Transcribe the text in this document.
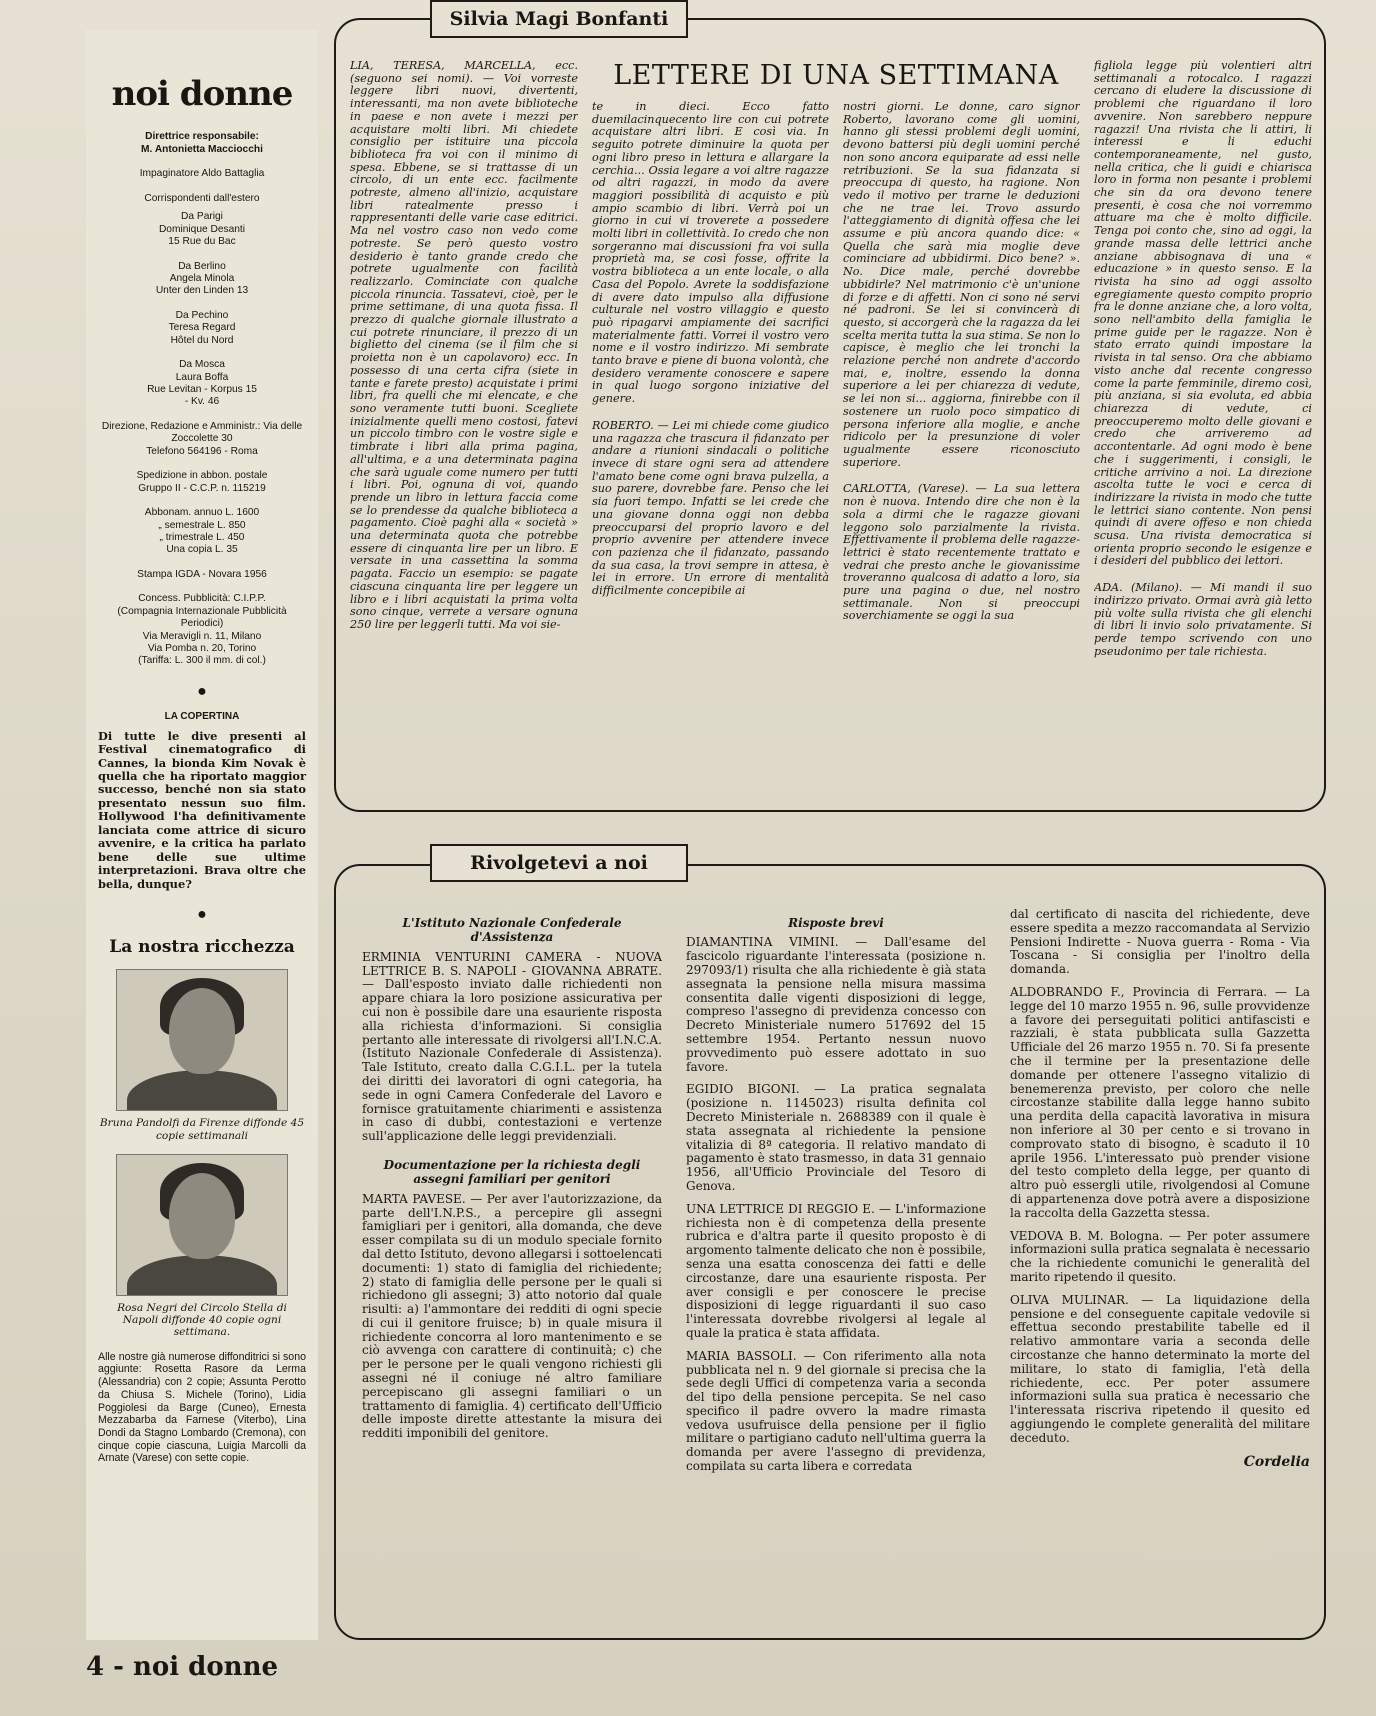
noi donne
Direttrice responsabile:
M. Antonietta Macciocchi
Impaginatore Aldo Battaglia
Corrispondenti dall'estero
Da Parigi
Dominique Desanti
15 Rue du Bac
Da Berlino
Angela Minola
Unter den Linden 13
Da Pechino
Teresa Regard
Hôtel du Nord
Da Mosca
Laura Boffa
Rue Levitan - Korpus 15
- Kv. 46
Direzione, Redazione e Amministr.: Via delle Zoccolette 30
Telefono 564196 - Roma
Spedizione in abbon. postale
Gruppo II - C.C.P. n. 115219
Abbonam. annuo L. 1600
„ semestrale L. 850
„ trimestrale L. 450
Una copia L. 35
Stampa IGDA - Novara 1956
Concess. Pubblicità: C.I.P.P.
(Compagnia Internazionale Pubblicità Periodici)
Via Meravigli n. 11, Milano
Via Pomba n. 20, Torino
(Tariffa: L. 300 il mm. di col.)
●
LA COPERTINA
Di tutte le dive presenti al Festival cinematografico di Cannes, la bionda Kim Novak è quella che ha riportato maggior successo, benché non sia stato presentato nessun suo film. Hollywood l'ha definitivamente lanciata come attrice di sicuro avvenire, e la critica ha parlato bene delle sue ultime interpretazioni. Brava oltre che bella, dunque?
●
La nostra ricchezza
Bruna Pandolfi da Firenze diffonde 45 copie settimanali
Rosa Negri del Circolo Stella di Napoli diffonde 40 copie ogni settimana.
Alle nostre già numerose diffonditrici si sono aggiunte: Rosetta Rasore da Lerma (Alessandria) con 2 copie; Assunta Perotto da Chiusa S. Michele (Torino), Lidia Poggiolesi da Barge (Cuneo), Ernesta Mezzabarba da Farnese (Viterbo), Lina Dondi da Stagno Lombardo (Cremona), con cinque copie ciascuna, Luigia Marcolli da Arnate (Varese) con sette copie.
4 - noi donne
Silvia Magi Bonfanti

LIA, TERESA, MARCELLA, ecc. (seguono sei nomi). — Voi vorreste leggere libri nuovi, divertenti, interessanti, ma non avete biblioteche in paese e non avete i mezzi per acquistare molti libri. Mi chiedete consiglio per istituire una piccola biblioteca fra voi con il minimo di spesa. Ebbene, se si trattasse di un circolo, di un ente ecc. facilmente potreste, almeno all'inizio, acquistare libri ratealmente presso i rappresentanti delle varie case editrici. Ma nel vostro caso non vedo come potreste. Se però questo vostro desiderio è tanto grande credo che potrete ugualmente con facilità realizzarlo. Cominciate con qualche piccola rinuncia. Tassatevi, cioè, per le prime settimane, di una quota fissa. Il prezzo di qualche giornale illustrato a cui potrete rinunciare, il prezzo di un biglietto del cinema (se il film che si proietta non è un capolavoro) ecc. In possesso di una certa cifra (siete in tante e farete presto) acquistate i primi libri, fra quelli che mi elencate, e che sono veramente tutti buoni. Scegliete inizialmente quelli meno costosi, fatevi un piccolo timbro con le vostre sigle e timbrate i libri alla prima pagina, all'ultima, e a una determinata pagina che sarà uguale come numero per tutti i libri. Poi, ognuna di voi, quando prende un libro in lettura faccia come se lo prendesse da qualche biblioteca a pagamento. Cioè paghi alla « società » una determinata quota che potrebbe essere di cinquanta lire per un libro. E versate in una cassettina la somma pagata. Faccio un esempio: se pagate ciascuna cinquanta lire per leggere un libro e i libri acquistati la prima volta sono cinque, verrete a versare ognuna 250 lire per leggerli tutti. Ma voi sie-

LETTERE DI UNA SETTIMANA

te in dieci. Ecco fatto duemilacinquecento lire con cui potrete acquistare altri libri. E così via. In seguito potrete diminuire la quota per ogni libro preso in lettura e allargare la cerchia... Ossia legare a voi altre ragazze od altri ragazzi, in modo da avere maggiori possibilità di acquisto e più ampio scambio di libri. Verrà poi un giorno in cui vi troverete a possedere molti libri in collettività. Io credo che non sorgeranno mai discussioni fra voi sulla proprietà ma, se così fosse, offrite la vostra biblioteca a un ente locale, o alla Casa del Popolo. Avrete la soddisfazione di avere dato impulso alla diffusione culturale nel vostro villaggio e questo può ripagarvi ampiamente dei sacrifici materialmente fatti. Vorrei il vostro vero nome e il vostro indirizzo. Mi sembrate tanto brave e piene di buona volontà, che desidero veramente conoscere e sapere in qual luogo sorgono iniziative del genere.

ROBERTO. — Lei mi chiede come giudico una ragazza che trascura il fidanzato per andare a riunioni sindacali o politiche invece di stare ogni sera ad attendere l'amato bene come ogni brava pulzella, a suo parere, dovrebbe fare. Penso che lei sia fuori tempo. Infatti se lei crede che una giovane donna oggi non debba preoccuparsi del proprio lavoro e del proprio avvenire per attendere invece con pazienza che il fidanzato, passando da sua casa, la trovi sempre in attesa, è lei in errore. Un errore di mentalità difficilmente concepibile ai

nostri giorni. Le donne, caro signor Roberto, lavorano come gli uomini, hanno gli stessi problemi degli uomini, devono battersi più degli uomini perché non sono ancora equiparate ad essi nelle retribuzioni. Se la sua fidanzata si preoccupa di questo, ha ragione. Non vedo il motivo per trarne le deduzioni che ne trae lei. Trovo assurdo l'atteggiamento di dignità offesa che lei assume e più ancora quando dice: « Quella che sarà mia moglie deve cominciare ad ubbidirmi. Dico bene? ». No. Dice male, perché dovrebbe ubbidirle? Nel matrimonio c'è un'unione di forze e di affetti. Non ci sono né servi né padroni. Se lei si convincerà di questo, si accorgerà che la ragazza da lei scelta merita tutta la sua stima. Se non lo capisce, è meglio che lei tronchi la relazione perché non andrete d'accordo mai, e, inoltre, essendo la donna superiore a lei per chiarezza di vedute, se lei non si... aggiorna, finirebbe con il sostenere un ruolo poco simpatico di persona inferiore alla moglie, e anche ridicolo per la presunzione di voler ugualmente essere riconosciuto superiore.

CARLOTTA, (Varese). — La sua lettera non è nuova. Intendo dire che non è la sola a dirmi che le ragazze giovani leggono solo parzialmente la rivista. Effettivamente il problema delle ragazze-lettrici è stato recentemente trattato e vedrai che presto anche le giovanissime troveranno qualcosa di adatto a loro, sia pure una pagina o due, nel nostro settimanale. Non si preoccupi soverchiamente se oggi la sua

figliola legge più volentieri altri settimanali a rotocalco. I ragazzi cercano di eludere la discussione di problemi che riguardano il loro avvenire. Non sarebbero neppure ragazzi! Una rivista che li attiri, li interessi e li educhi contemporaneamente, nel gusto, nella critica, che li guidi e chiarisca loro in forma non pesante i problemi che sin da ora devono tenere presenti, è cosa che noi vorremmo attuare ma che è molto difficile. Tenga poi conto che, sino ad oggi, la grande massa delle lettrici anche anziane abbisognava di una « educazione » in questo senso. E la rivista ha sino ad oggi assolto egregiamente questo compito proprio fra le donne anziane che, a loro volta, sono nell'ambito della famiglia le prime guide per le ragazze. Non è stato errato quindi impostare la rivista in tal senso. Ora che abbiamo visto anche dal recente congresso come la parte femminile, diremo così, più anziana, si sia evoluta, ed abbia chiarezza di vedute, ci preoccuperemo molto delle giovani e credo che arriveremo ad accontentarle. Ad ogni modo è bene che i suggerimenti, i consigli, le critiche arrivino a noi. La direzione ascolta tutte le voci e cerca di indirizzare la rivista in modo che tutte le lettrici siano contente. Non pensi quindi di avere offeso e non chieda scusa. Una rivista democratica si orienta proprio secondo le esigenze e i desideri del pubblico dei lettori.

ADA. (Milano). — Mi mandi il suo indirizzo privato. Ormai avrà già letto più volte sulla rivista che gli elenchi di libri li invio solo privatamente. Si perde tempo scrivendo con uno pseudonimo per tale richiesta.

Rivolgetevi a noi
L'Istituto Nazionale Confederale d'Assistenza

ERMINIA VENTURINI CAMERA - NUOVA LETTRICE B. S. NAPOLI - GIOVANNA ABRATE. — Dall'esposto inviato dalle richiedenti non appare chiara la loro posizione assicurativa per cui non è possibile dare una esauriente risposta alla richiesta d'informazioni. Si consiglia pertanto alle interessate di rivolgersi all'I.N.C.A. (Istituto Nazionale Confederale di Assistenza). Tale Istituto, creato dalla C.G.I.L. per la tutela dei diritti dei lavoratori di ogni categoria, ha sede in ogni Camera Confederale del Lavoro e fornisce gratuitamente chiarimenti e assistenza in caso di dubbi, contestazioni e vertenze sull'applicazione delle leggi previdenziali.

Documentazione per la richiesta degli assegni familiari per genitori

MARTA PAVESE. — Per aver l'autorizzazione, da parte dell'I.N.P.S., a percepire gli assegni famigliari per i genitori, alla domanda, che deve esser compilata su di un modulo speciale fornito dal detto Istituto, devono allegarsi i sottoelencati documenti: 1) stato di famiglia del richiedente; 2) stato di famiglia delle persone per le quali si richiedono gli assegni; 3) atto notorio dal quale risulti: a) l'ammontare dei redditi di ogni specie di cui il genitore fruisce; b) in quale misura il richiedente concorra al loro mantenimento e se ciò avvenga con carattere di continuità; c) che per le persone per le quali vengono richiesti gli assegni né il coniuge né altro familiare percepiscano gli assegni familiari o un trattamento di famiglia. 4) certificato dell'Ufficio delle imposte dirette attestante la misura dei redditi imponibili del genitore.

Risposte brevi

DIAMANTINA VIMINI. — Dall'esame del fascicolo riguardante l'interessata (posizione n. 297093/1) risulta che alla richiedente è già stata assegnata la pensione nella misura massima consentita dalle vigenti disposizioni di legge, compreso l'assegno di previdenza concesso con Decreto Ministeriale numero 517692 del 15 settembre 1954. Pertanto nessun nuovo provvedimento può essere adottato in suo favore.

EGIDIO BIGONI. — La pratica segnalata (posizione n. 1145023) risulta definita col Decreto Ministeriale n. 2688389 con il quale è stata assegnata al richiedente la pensione vitalizia di 8ª categoria. Il relativo mandato di pagamento è stato trasmesso, in data 31 gennaio 1956, all'Ufficio Provinciale del Tesoro di Genova.

UNA LETTRICE DI REGGIO E. — L'informazione richiesta non è di competenza della presente rubrica e d'altra parte il quesito proposto è di argomento talmente delicato che non è possibile, senza una esatta conoscenza dei fatti e delle circostanze, dare una esauriente risposta. Per aver consigli e per conoscere le precise disposizioni di legge riguardanti il suo caso l'interessata dovrebbe rivolgersi al legale al quale la pratica è stata affidata.

MARIA BASSOLI. — Con riferimento alla nota pubblicata nel n. 9 del giornale si precisa che la sede degli Uffici di competenza varia a seconda del tipo della pensione percepita. Se nel caso specifico il padre ovvero la madre rimasta vedova usufruisce della pensione per il figlio militare o partigiano caduto nell'ultima guerra la domanda per avere l'assegno di previdenza, compilata su carta libera e corredata

dal certificato di nascita del richiedente, deve essere spedita a mezzo raccomandata al Servizio Pensioni Indirette - Nuova guerra - Roma - Via Toscana - Si consiglia per l'inoltro della domanda.

ALDOBRANDO F., Provincia di Ferrara. — La legge del 10 marzo 1955 n. 96, sulle provvidenze a favore dei perseguitati politici antifascisti e razziali, è stata pubblicata sulla Gazzetta Ufficiale del 26 marzo 1955 n. 70. Si fa presente che il termine per la presentazione delle domande per ottenere l'assegno vitalizio di benemerenza previsto, per coloro che nelle circostanze stabilite dalla legge hanno subito una perdita della capacità lavorativa in misura non inferiore al 30 per cento e si trovano in comprovato stato di bisogno, è scaduto il 10 aprile 1956. L'interessato può prender visione del testo completo della legge, per quanto di altro può essergli utile, rivolgendosi al Comune di appartenenza dove potrà avere a disposizione la raccolta della Gazzetta stessa.

VEDOVA B. M. Bologna. — Per poter assumere informazioni sulla pratica segnalata è necessario che la richiedente comunichi le generalità del marito ripetendo il quesito.

OLIVA MULINAR. — La liquidazione della pensione e del conseguente capitale vedovile si effettua secondo prestabilite tabelle ed il relativo ammontare varia a seconda delle circostanze che hanno determinato la morte del militare, lo stato di famiglia, l'età della richiedente, ecc. Per poter assumere informazioni sulla sua pratica è necessario che l'interessata riscriva ripetendo il quesito ed aggiungendo le complete generalità del militare deceduto.

Cordelia
